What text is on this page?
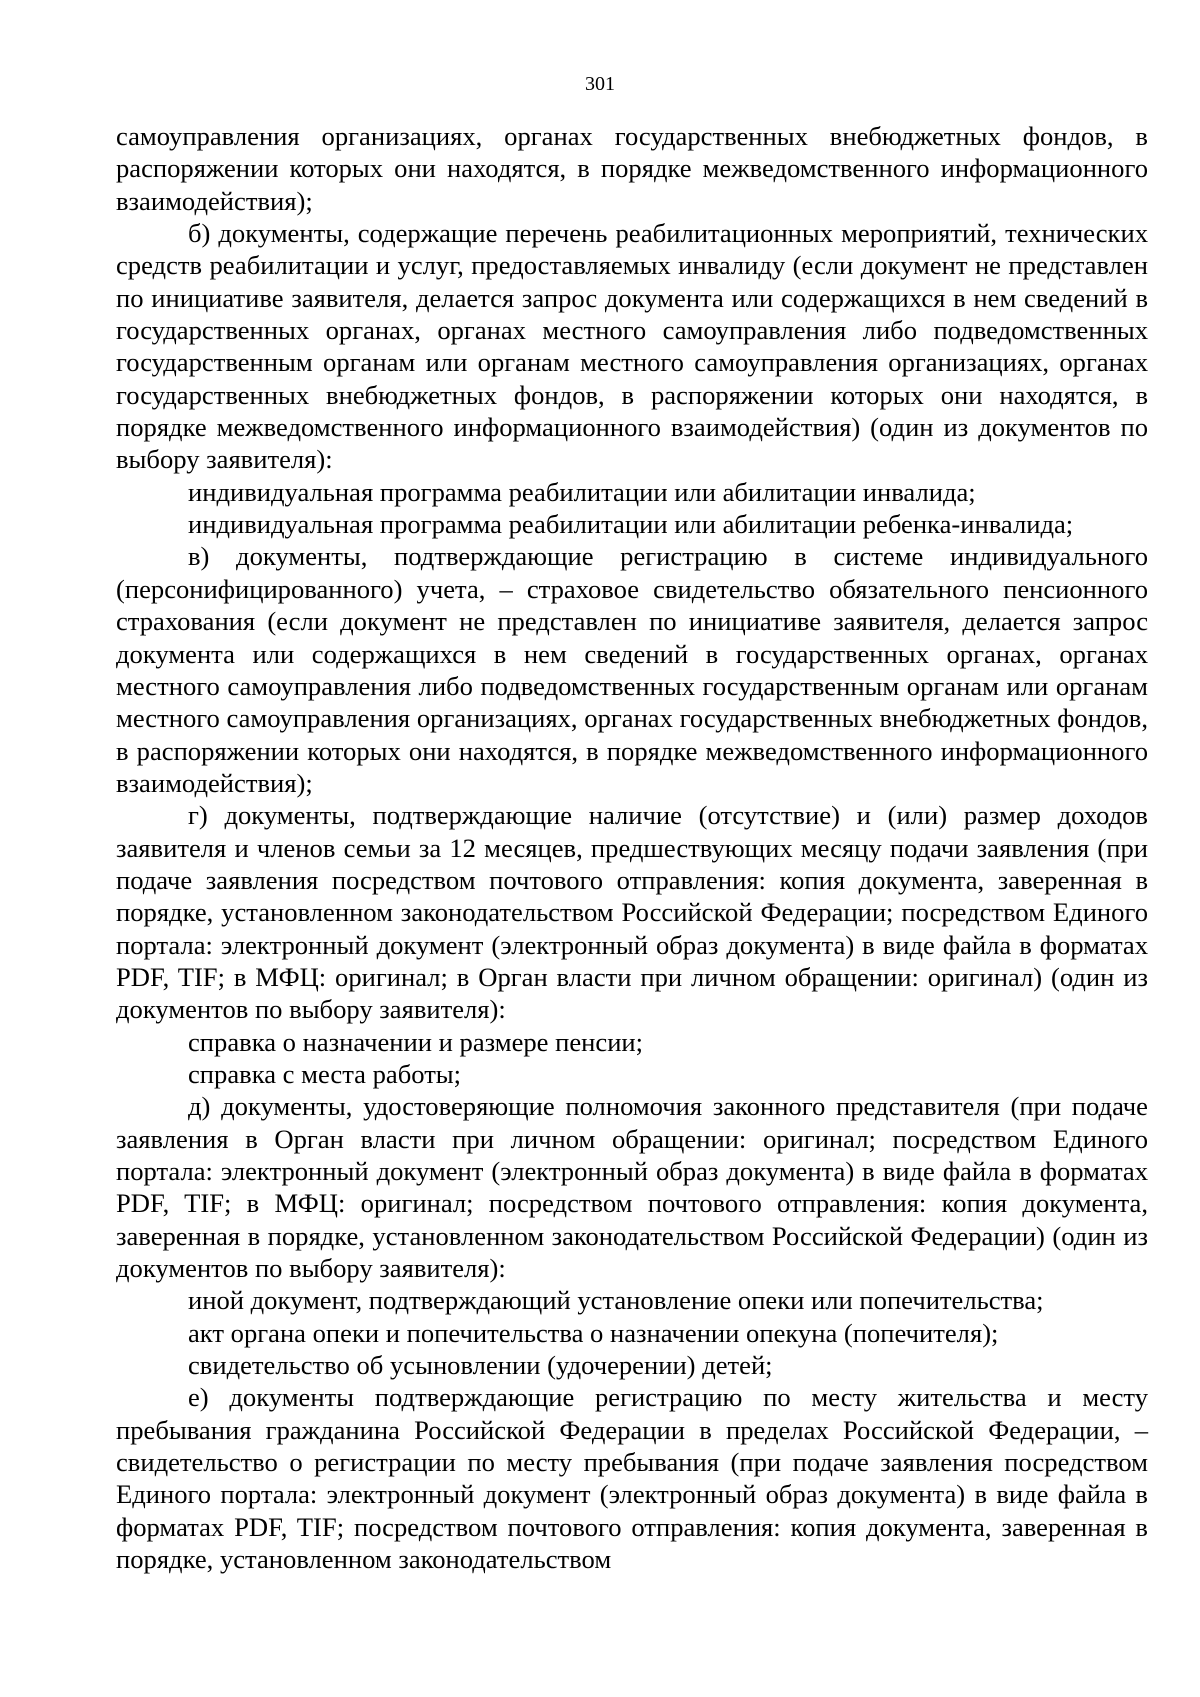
301

самоуправления организациях, органах государственных внебюджетных фондов, в распоряжении которых они находятся, в порядке межведомственного информационного взаимодействия);

б) документы, содержащие перечень реабилитационных мероприятий, технических средств реабилитации и услуг, предоставляемых инвалиду (если документ не представлен по инициативе заявителя, делается запрос документа или содержащихся в нем сведений в государственных органах, органах местного самоуправления либо подведомственных государственным органам или органам местного самоуправления организациях, органах государственных внебюджетных фондов, в распоряжении которых они находятся, в порядке межведомственного информационного взаимодействия) (один из документов по выбору заявителя):

индивидуальная программа реабилитации или абилитации инвалида;

индивидуальная программа реабилитации или абилитации ребенка-инвалида;

в) документы, подтверждающие регистрацию в системе индивидуального (персонифицированного) учета, – страховое свидетельство обязательного пенсионного страхования (если документ не представлен по инициативе заявителя, делается запрос документа или содержащихся в нем сведений в государственных органах, органах местного самоуправления либо подведомственных государственным органам или органам местного самоуправления организациях, органах государственных внебюджетных фондов, в распоряжении которых они находятся, в порядке межведомственного информационного взаимодействия);

г) документы, подтверждающие наличие (отсутствие) и (или) размер доходов заявителя и членов семьи за 12 месяцев, предшествующих месяцу подачи заявления (при подаче заявления посредством почтового отправления: копия документа, заверенная в порядке, установленном законодательством Российской Федерации; посредством Единого портала: электронный документ (электронный образ документа) в виде файла в форматах PDF, TIF; в МФЦ: оригинал; в Орган власти при личном обращении: оригинал) (один из документов по выбору заявителя):

справка о назначении и размере пенсии;

справка с места работы;

д) документы, удостоверяющие полномочия законного представителя (при подаче заявления в Орган власти при личном обращении: оригинал; посредством Единого портала: электронный документ (электронный образ документа) в виде файла в форматах PDF, TIF; в МФЦ: оригинал; посредством почтового отправления: копия документа, заверенная в порядке, установленном законодательством Российской Федерации) (один из документов по выбору заявителя):

иной документ, подтверждающий установление опеки или попечительства;

акт органа опеки и попечительства о назначении опекуна (попечителя);

свидетельство об усыновлении (удочерении) детей;

е) документы подтверждающие регистрацию по месту жительства и месту пребывания гражданина Российской Федерации в пределах Российской Федерации, – свидетельство о регистрации по месту пребывания (при подаче заявления посредством Единого портала: электронный документ (электронный образ документа) в виде файла в форматах PDF, TIF; посредством почтового отправления: копия документа, заверенная в порядке, установленном законодательством
